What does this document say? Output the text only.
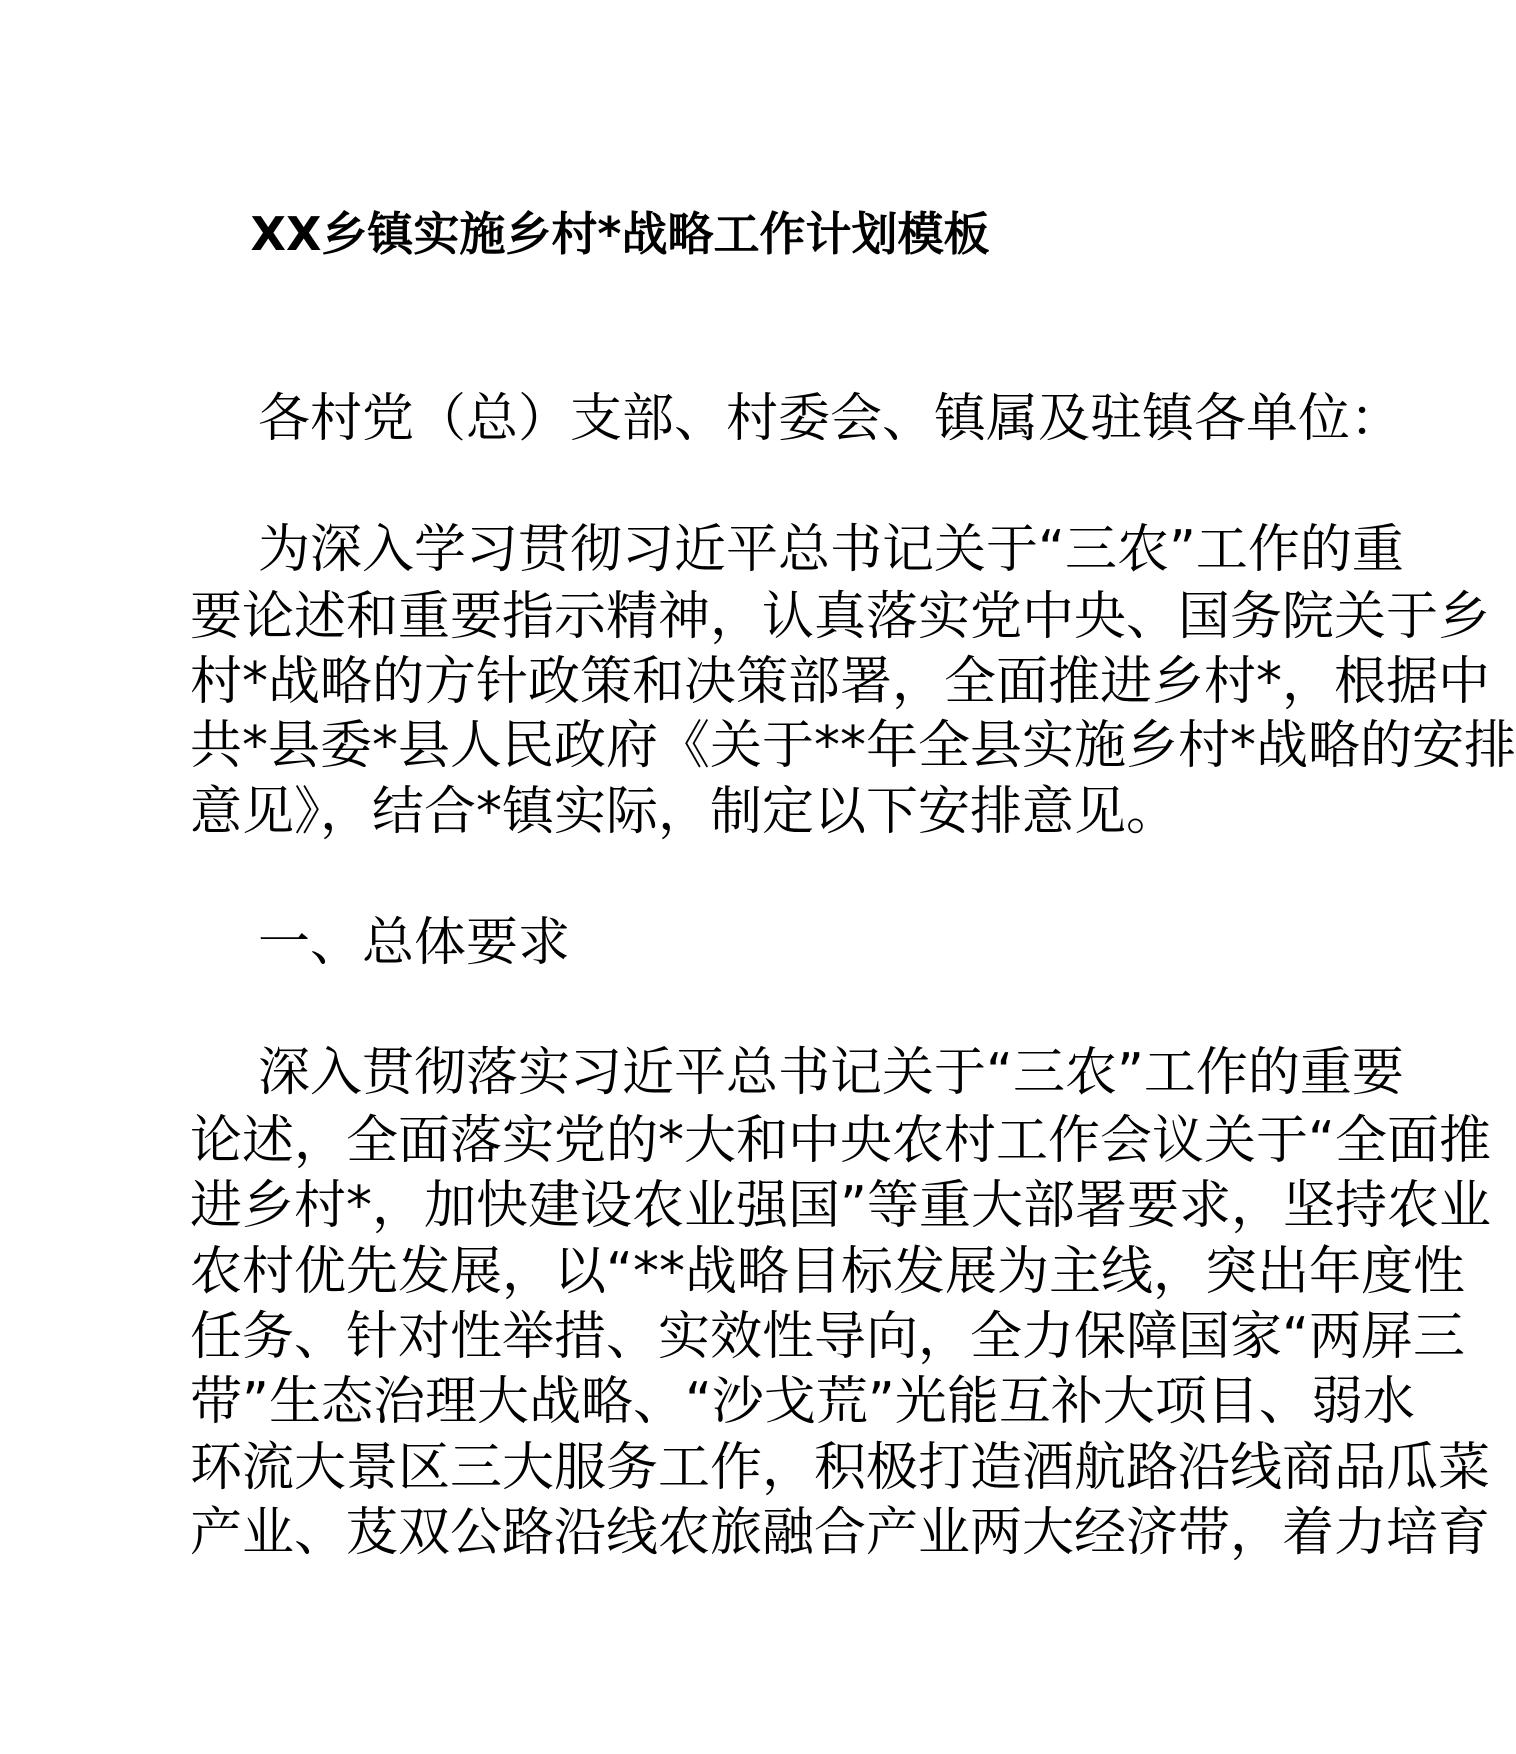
XX乡镇实施乡村*战略工作计划模板
各村党（总）支部、村委会、镇属及驻镇各单位：
为深入学习贯彻习近平总书记关于“三农”工作的重
要论述和重要指示精神，认真落实党中央、国务院关于乡
村*战略的方针政策和决策部署，全面推进乡村*，根据中
共*县委*县人民政府《关于**年全县实施乡村*战略的安排
意见》，结合*镇实际，制定以下安排意见。
一、总体要求
深入贯彻落实习近平总书记关于“三农”工作的重要
论述，全面落实党的*大和中央农村工作会议关于“全面推
进乡村*，加快建设农业强国”等重大部署要求，坚持农业
农村优先发展，以“**战略目标发展为主线，突出年度性
任务、针对性举措、实效性导向，全力保障国家“两屏三
带”生态治理大战略、“沙戈荒”光能互补大项目、弱水
环流大景区三大服务工作，积极打造酒航路沿线商品瓜菜
产业、芨双公路沿线农旅融合产业两大经济带，着力培育
